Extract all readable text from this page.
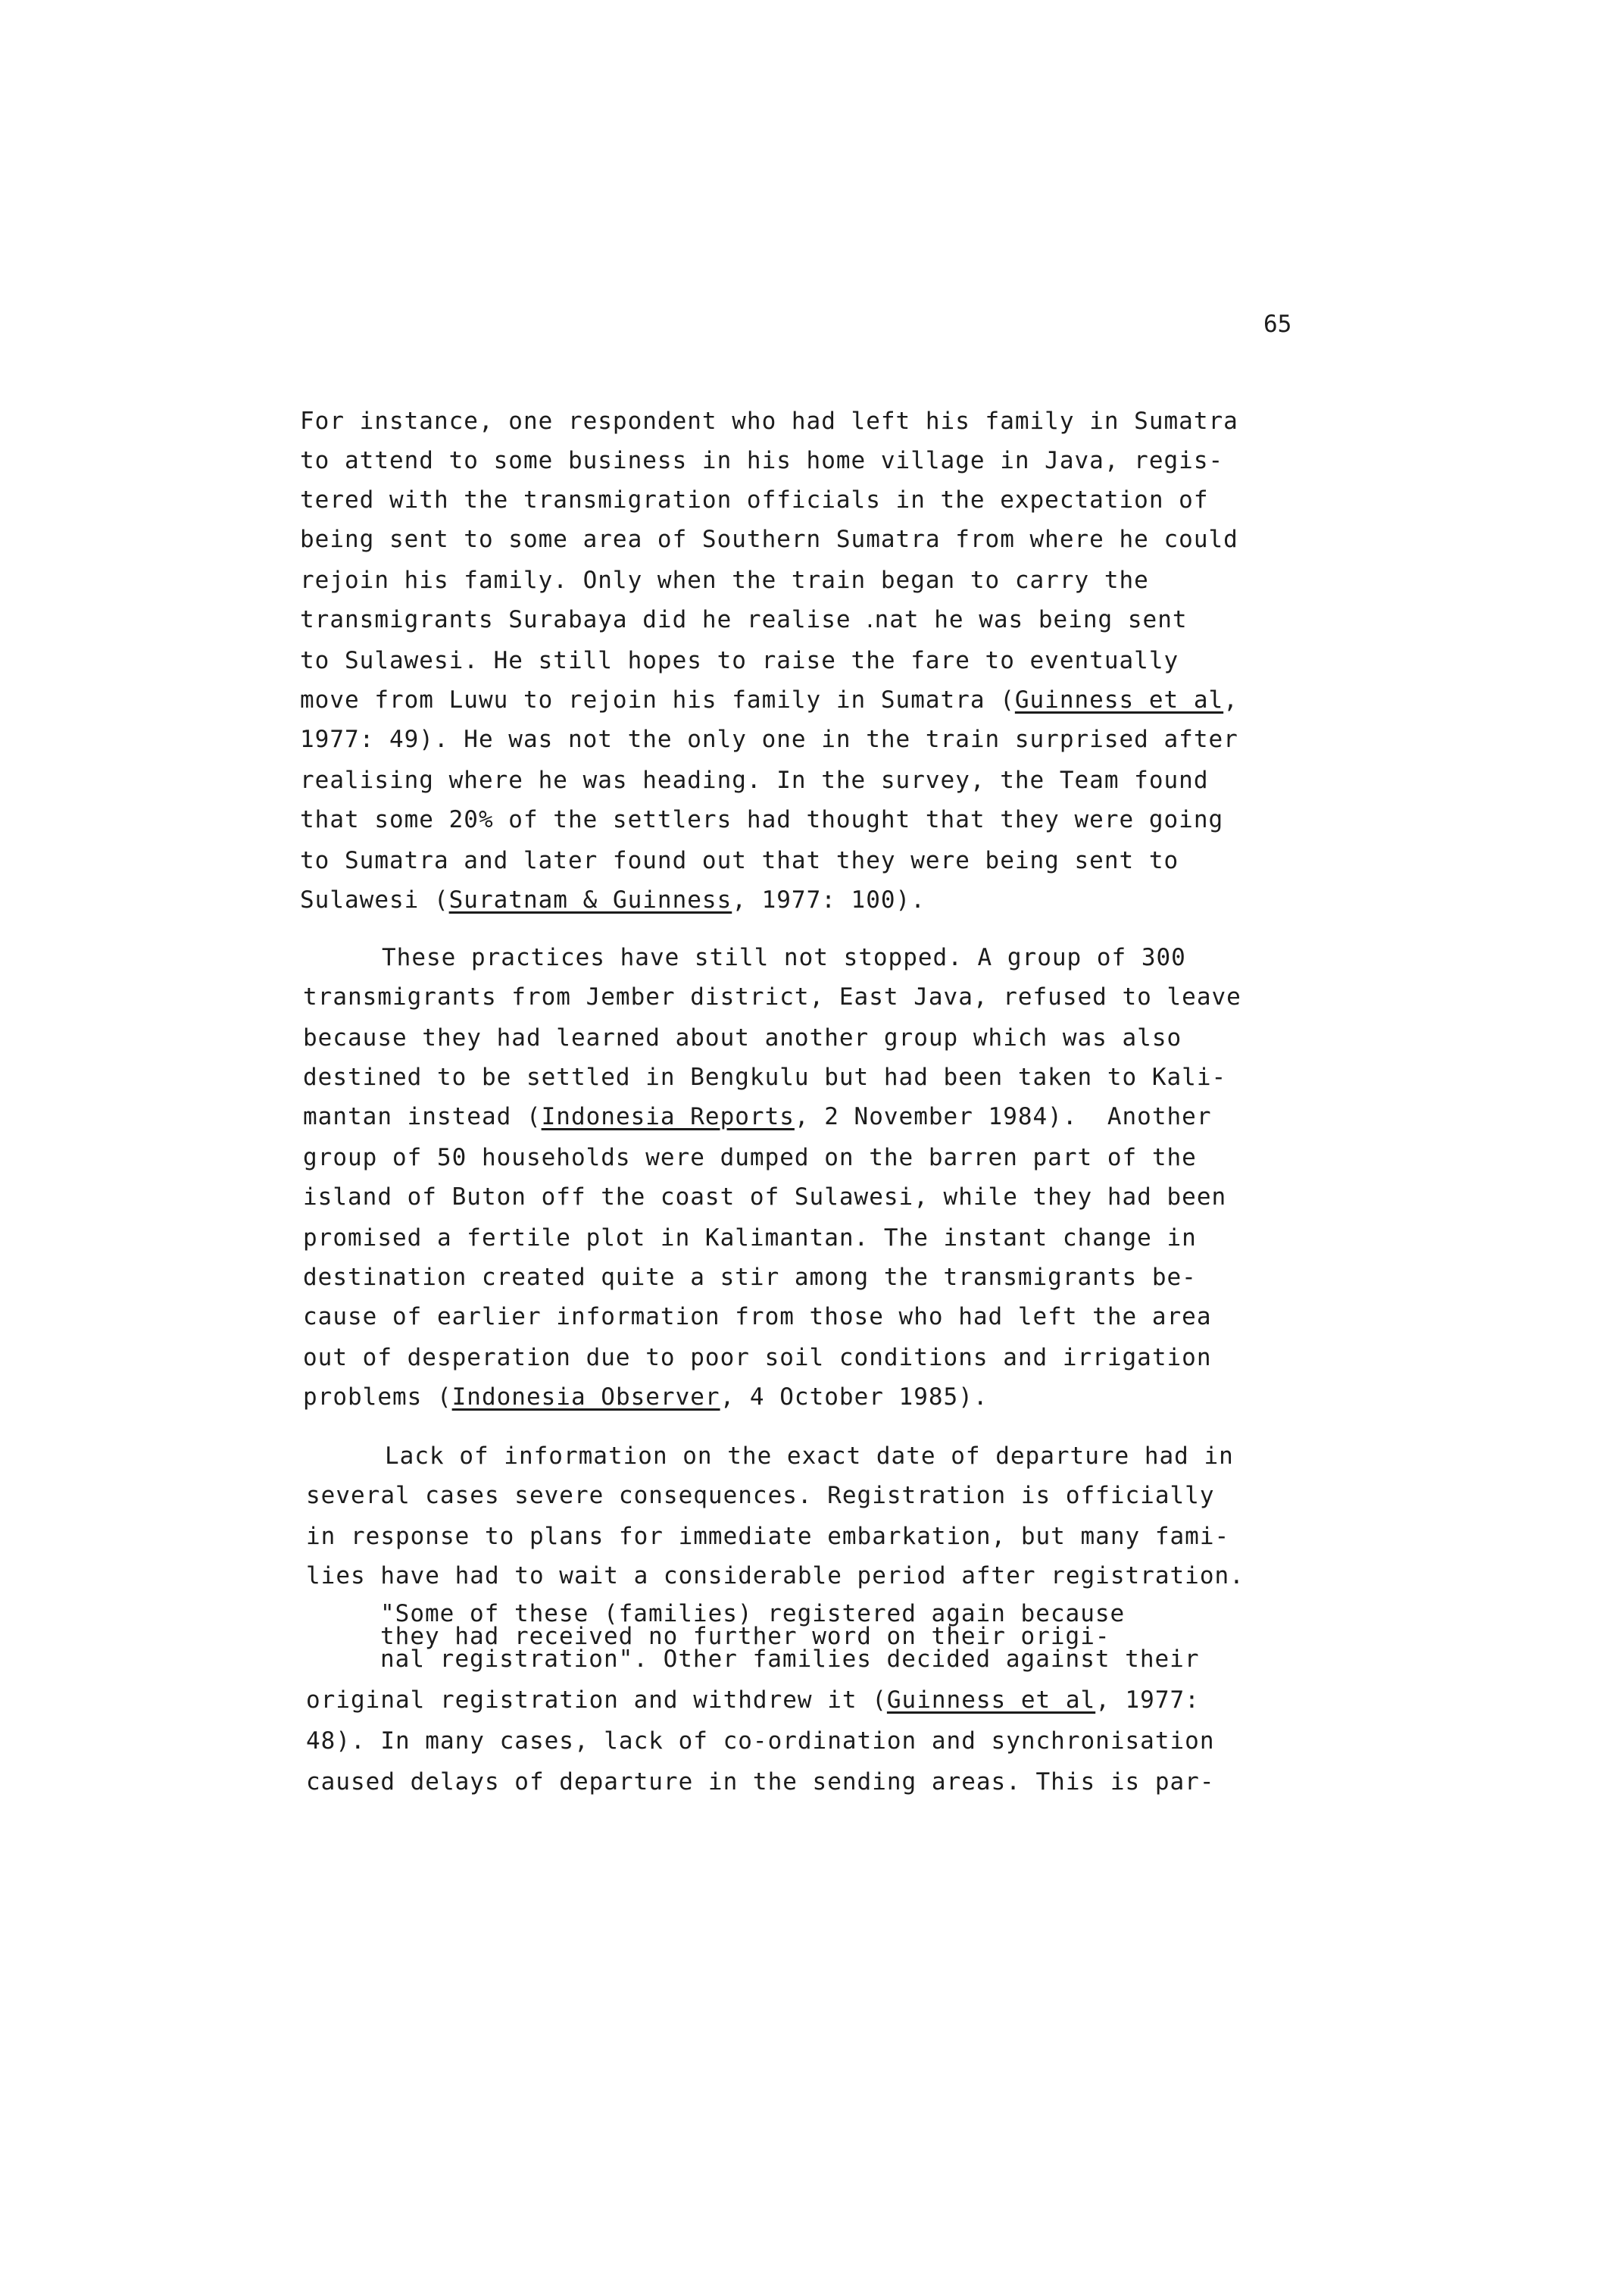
65
For instance, one respondent who had left his family in Sumatra
to attend to some business in his home village in Java, regis-
tered with the transmigration officials in the expectation of
being sent to some area of Southern Sumatra from where he could
rejoin his family. Only when the train began to carry the
transmigrants Surabaya did he realise ․nat he was being sent
to Sulawesi. He still hopes to raise the fare to eventually
move from Luwu to rejoin his family in Sumatra (Guinness et al,
1977: 49). He was not the only one in the train surprised after
realising where he was heading. In the survey, the Team found
that some 20% of the settlers had thought that they were going
to Sumatra and later found out that they were being sent to
Sulawesi (Suratnam & Guinness, 1977: 100).
These practices have still not stopped. A group of 300
transmigrants from Jember district, East Java, refused to leave
because they had learned about another group which was also
destined to be settled in Bengkulu but had been taken to Kali-
mantan instead (Indonesia Reports, 2 November 1984).  Another
group of 50 households were dumped on the barren part of the
island of Buton off the coast of Sulawesi, while they had been
promised a fertile plot in Kalimantan. The instant change in
destination created quite a stir among the transmigrants be-
cause of earlier information from those who had left the area
out of desperation due to poor soil conditions and irrigation
problems (Indonesia Observer, 4 October 1985).
Lack of information on the exact date of departure had in
several cases severe consequences. Registration is officially
in response to plans for immediate embarkation, but many fami-
lies have had to wait a considerable period after registration.
"Some of these (families) registered again because
they had received no further word on their origi-
nal registration". Other families decided against their
original registration and withdrew it (Guinness et al, 1977:
48). In many cases, lack of co-ordination and synchronisation
caused delays of departure in the sending areas. This is par-
